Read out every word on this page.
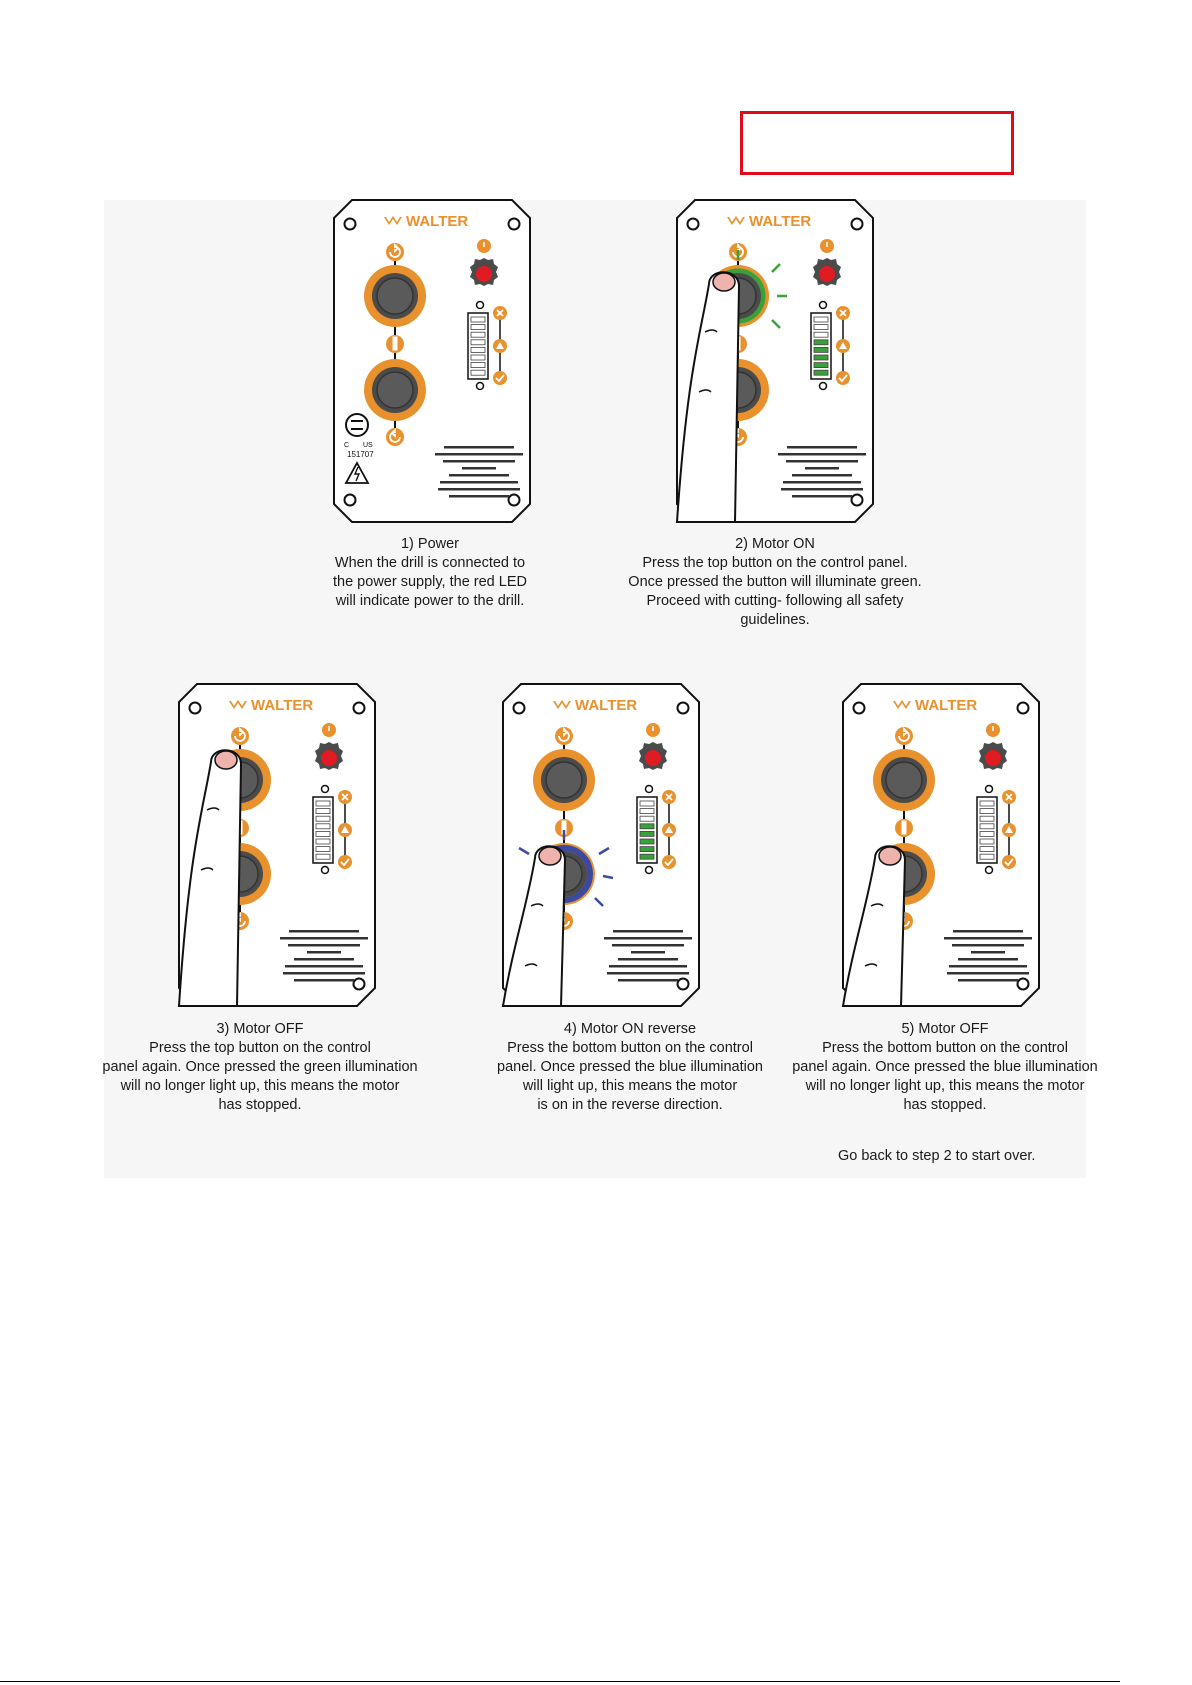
WALTER
C US
151707
WALTER
WALTER	WALTER	WALTER
1) Power
When the drill is connected to
the power supply, the red LED
will indicate power to the drill.
2) Motor ON
Press the top button on the control panel.
Once pressed the button will illuminate green.
Proceed with cutting- following all safety
guidelines.
3) Motor OFF
Press the top button on the control
panel again. Once pressed the green illumination
will no longer light up, this means the motor
has stopped.
4) Motor ON reverse
Press the bottom button on the control
panel. Once pressed the blue illumination
will light up, this means the motor
is on in the reverse direction.
5) Motor OFF
Press the bottom button on the control
panel again. Once pressed the blue illumination
will no longer light up, this means the motor
has stopped.
Go back to step 2 to start over.
